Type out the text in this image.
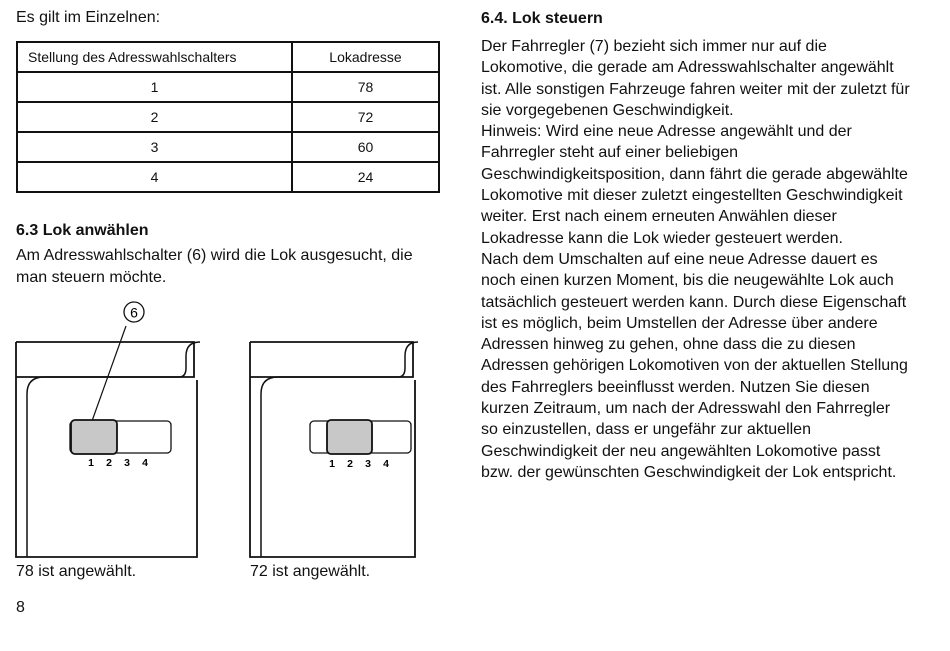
Es gilt im Einzelnen:
Stellung des Adresswahlschalters	Lokadresse
1	78
2	72
3	60
4	24
6.3 Lok anwählen
Am Adresswahlschalter (6) wird die Lok ausgesucht, die man steuern möchte.
6
1 2 3 4
78 ist angewählt.
1 2 3 4
72 ist angewählt.
6.4. Lok steuern

Der Fahrregler (7) bezieht sich immer nur auf die Lokomotive, die gerade am Adresswahlschalter angewählt ist. Alle sonstigen Fahrzeuge fahren weiter mit der zuletzt für sie vorgegebenen Geschwindigkeit.

Hinweis: Wird eine neue Adresse angewählt und der Fahrregler steht auf einer beliebigen Geschwindigkeitsposition, dann fährt die gerade abgewählte Lokomotive mit dieser zuletzt eingestellten Geschwindigkeit weiter. Erst nach einem erneuten Anwählen dieser Lokadresse kann die Lok wieder gesteuert werden.

Nach dem Umschalten auf eine neue Adresse dauert es noch einen kurzen Moment, bis die neugewählte Lok auch tatsächlich gesteuert werden kann. Durch diese Eigenschaft ist es möglich, beim Umstellen der Adresse über andere Adressen hinweg zu gehen, ohne dass die zu diesen Adressen gehörigen Lokomotiven von der aktuellen Stellung des Fahrreglers beeinflusst werden. Nutzen Sie diesen kurzen Zeitraum, um nach der Adresswahl den Fahrregler so einzustellen, dass er ungefähr zur aktuellen Geschwindigkeit der neu angewählten Lokomotive passt bzw. der gewünschten Geschwindigkeit der Lok entspricht.

8
